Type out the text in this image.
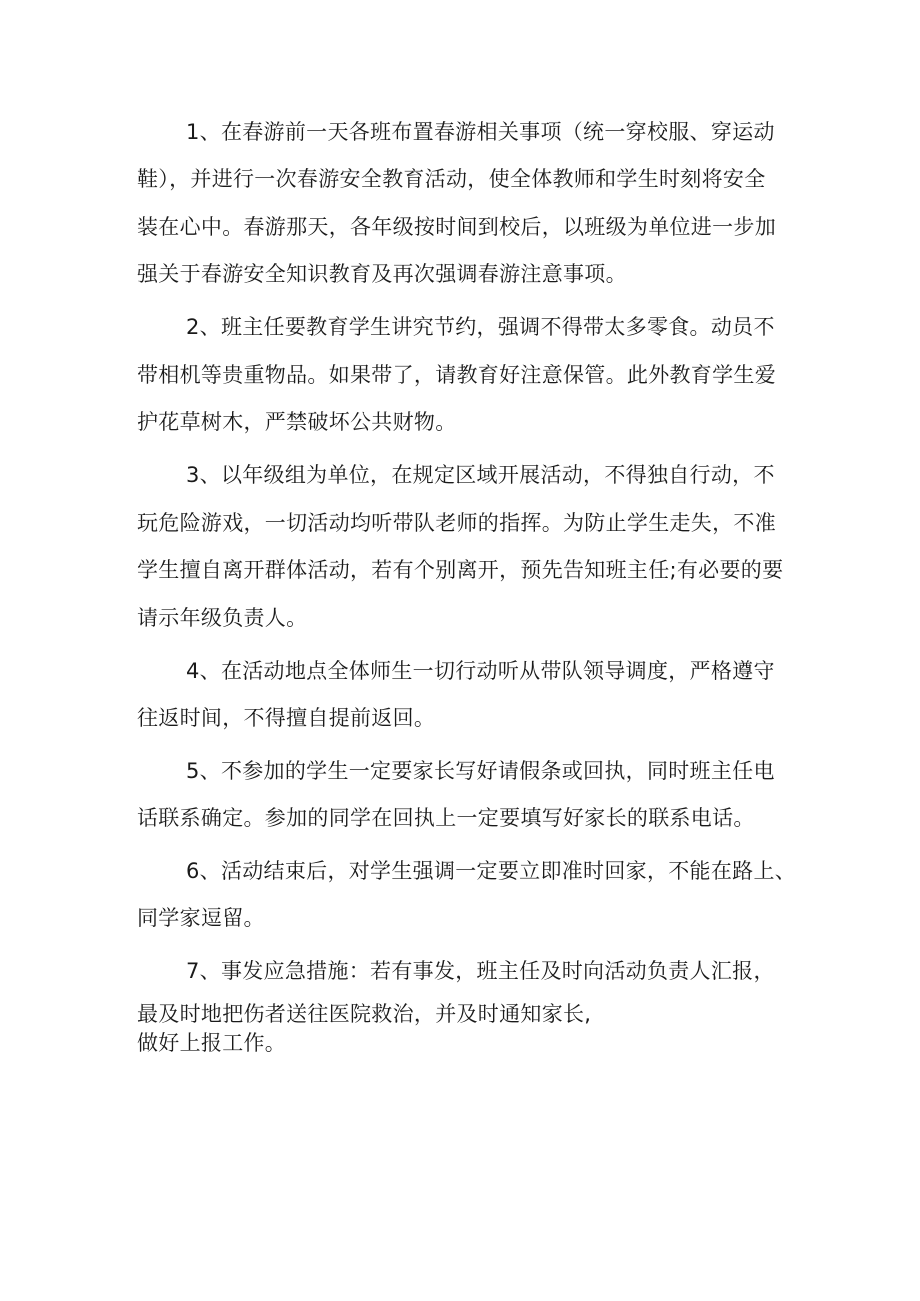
1、在春游前一天各班布置春游相关事项（统一穿校服、穿运动
鞋），并进行一次春游安全教育活动，使全体教师和学生时刻将安全
装在心中。春游那天，各年级按时间到校后，以班级为单位进一步加
强关于春游安全知识教育及再次强调春游注意事项。
2、班主任要教育学生讲究节约，强调不得带太多零食。动员不
带相机等贵重物品。如果带了，请教育好注意保管。此外教育学生爱
护花草树木，严禁破坏公共财物。
3、以年级组为单位，在规定区域开展活动，不得独自行动，不
玩危险游戏，一切活动均听带队老师的指挥。为防止学生走失，不准
学生擅自离开群体活动，若有个别离开，预先告知班主任;有必要的要
请示年级负责人。
4、在活动地点全体师生一切行动听从带队领导调度，严格遵守
往返时间，不得擅自提前返回。
5、不参加的学生一定要家长写好请假条或回执，同时班主任电
话联系确定。参加的同学在回执上一定要填写好家长的联系电话。
6、活动结束后，对学生强调一定要立即准时回家，不能在路上、
同学家逗留。
7、事发应急措施：若有事发，班主任及时向活动负责人汇报，
最及时地把伤者送往医院救治，并及时通知家长,
做好上报工作。
